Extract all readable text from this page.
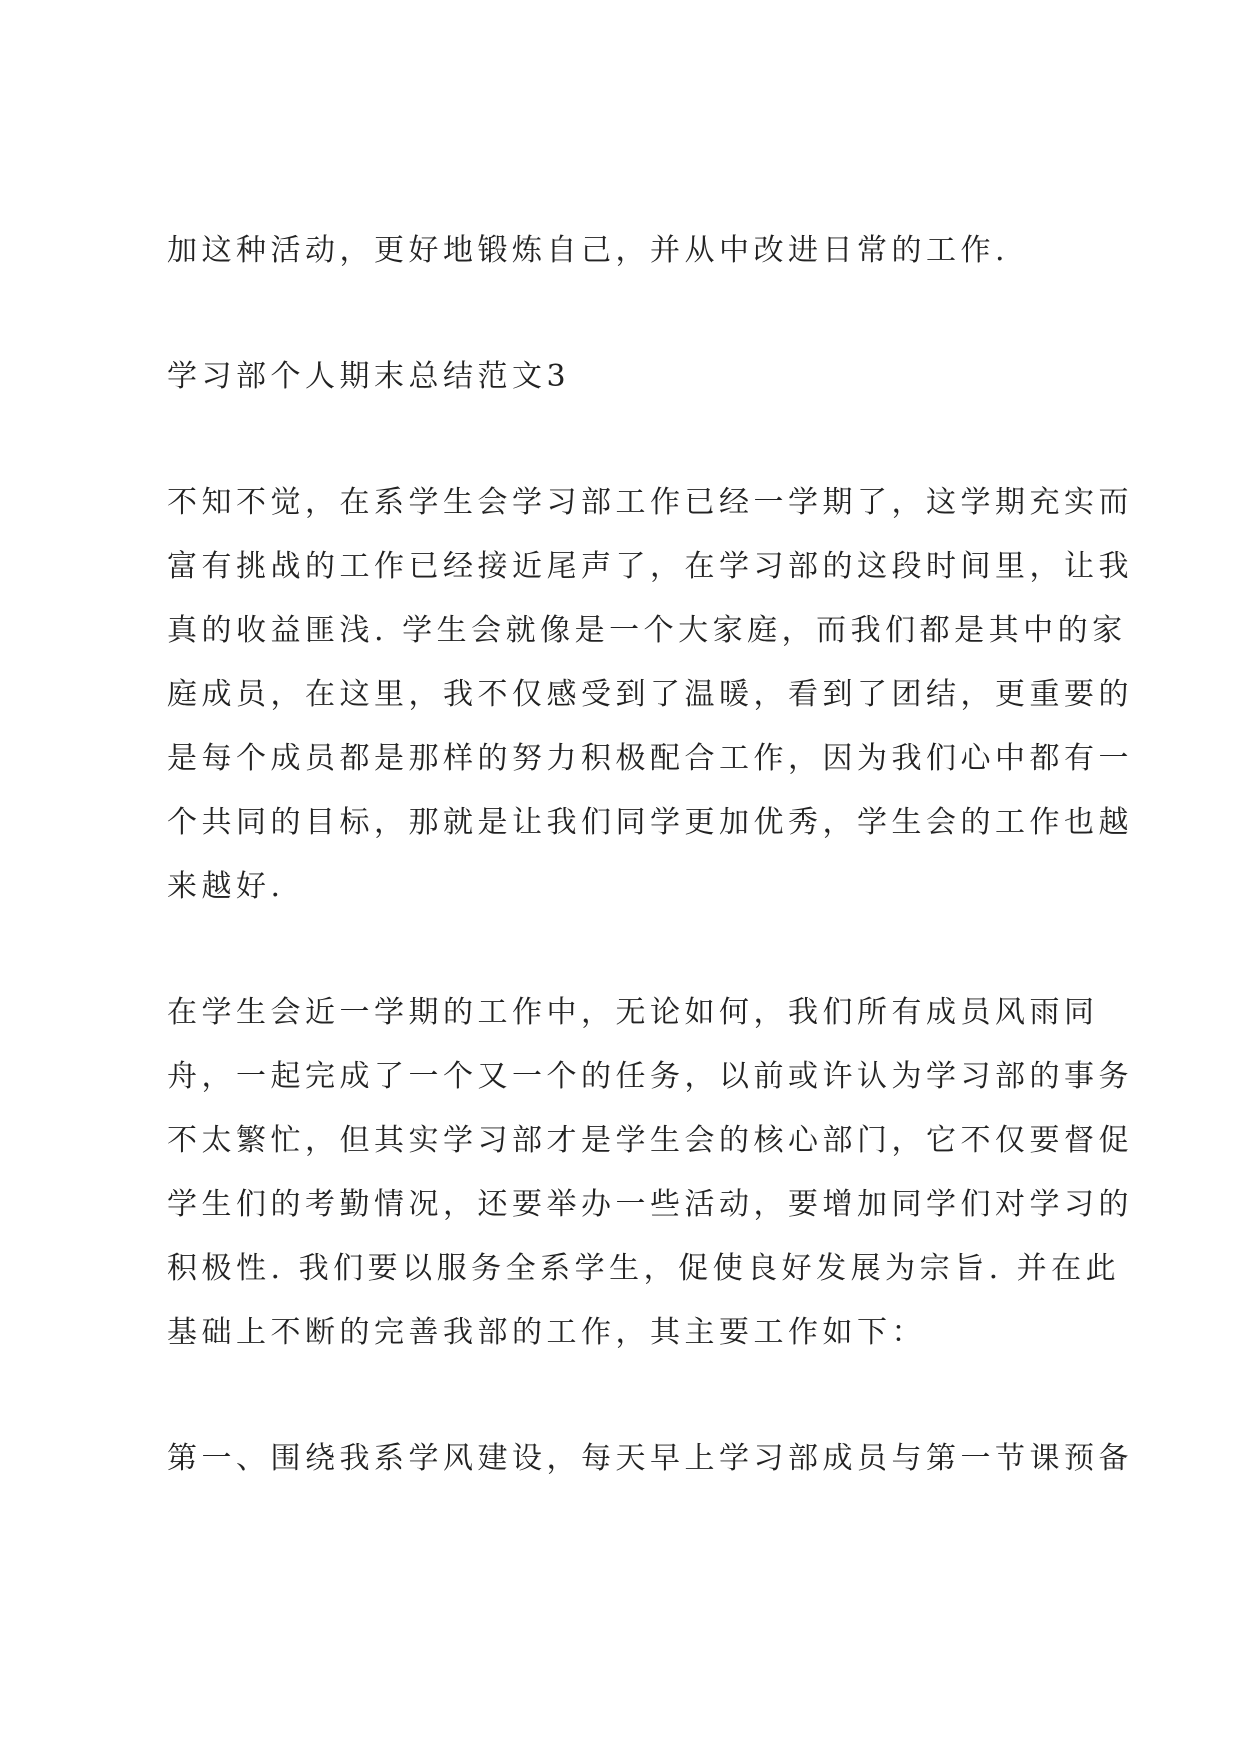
加这种活动，更好地锻炼自己，并从中改进日常的工作.
学习部个人期末总结范文3
不知不觉，在系学生会学习部工作已经一学期了，这学期充实而
富有挑战的工作已经接近尾声了，在学习部的这段时间里，让我
真的收益匪浅. 学生会就像是一个大家庭，而我们都是其中的家
庭成员，在这里，我不仅感受到了温暖，看到了团结，更重要的
是每个成员都是那样的努力积极配合工作，因为我们心中都有一
个共同的目标，那就是让我们同学更加优秀，学生会的工作也越
来越好.
在学生会近一学期的工作中，无论如何，我们所有成员风雨同
舟，一起完成了一个又一个的任务，以前或许认为学习部的事务
不太繁忙，但其实学习部才是学生会的核心部门，它不仅要督促
学生们的考勤情况，还要举办一些活动，要增加同学们对学习的
积极性. 我们要以服务全系学生，促使良好发展为宗旨. 并在此
基础上不断的完善我部的工作，其主要工作如下：
第一、围绕我系学风建设，每天早上学习部成员与第一节课预备
